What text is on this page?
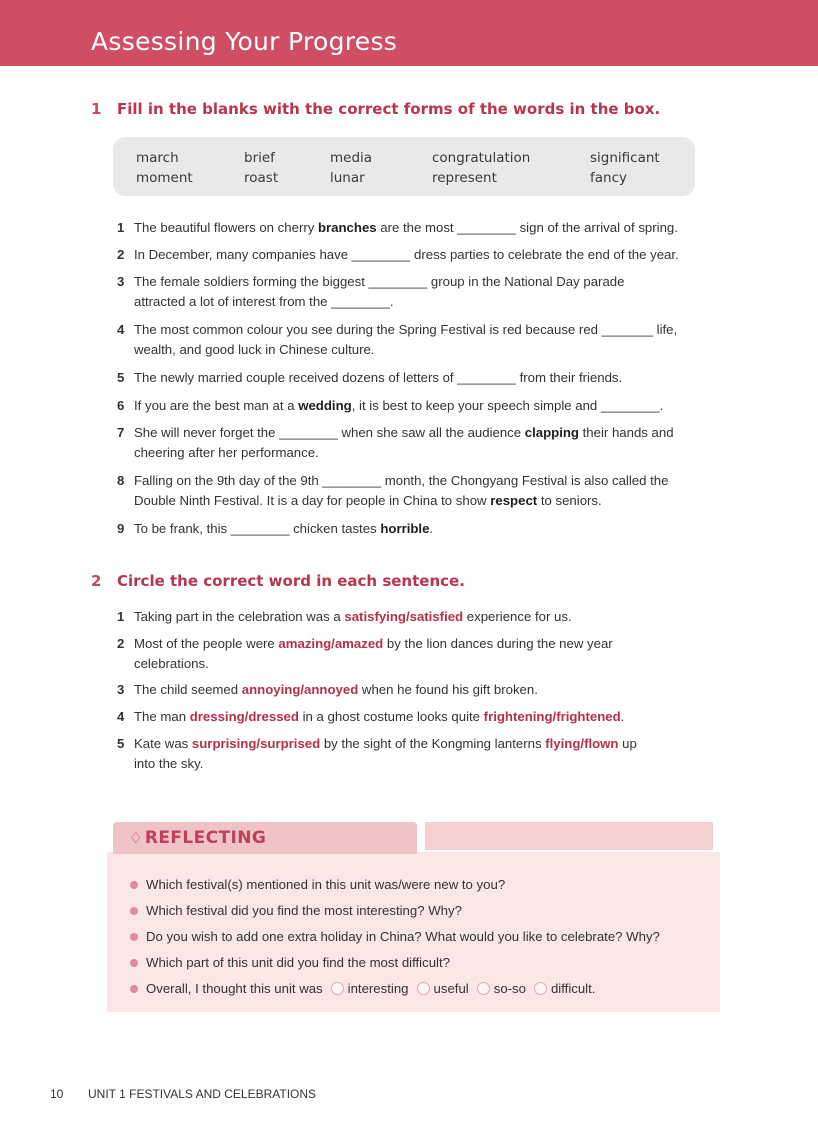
Assessing Your Progress
1	Fill in the blanks with the correct forms of the words in the box.
march	brief	media	congratulation	significant
moment	roast	lunar	represent	fancy
1 The beautiful flowers on cherry branches are the most ________ sign of the arrival of spring.
2 In December, many companies have ________ dress parties to celebrate the end of the year.
3 The female soldiers forming the biggest ________ group in the National Day parade
attracted a lot of interest from the ________.
4 The most common colour you see during the Spring Festival is red because red _______ life,
wealth, and good luck in Chinese culture.
5 The newly married couple received dozens of letters of ________ from their friends.
6 If you are the best man at a wedding, it is best to keep your speech simple and ________.
7 She will never forget the ________ when she saw all the audience clapping their hands and
cheering after her performance.
8 Falling on the 9th day of the 9th ________ month, the Chongyang Festival is also called the
Double Ninth Festival. It is a day for people in China to show respect to seniors.
9 To be frank, this ________ chicken tastes horrible.
2	Circle the correct word in each sentence.
1 Taking part in the celebration was a satisfying/satisfied experience for us.
2 Most of the people were amazing/amazed by the lion dances during the new year
celebrations.
3 The child seemed annoying/annoyed when he found his gift broken.
4 The man dressing/dressed in a ghost costume looks quite frightening/frightened.
5 Kate was surprising/surprised by the sight of the Kongming lanterns flying/flown up
into the sky.
♢ REFLECTING
Which festival(s) mentioned in this unit was/were new to you?
Which festival did you find the most interesting? Why?
Do you wish to add one extra holiday in China? What would you like to celebrate? Why?
Which part of this unit did you find the most difficult?
Overall, I thought this unit was interesting useful so-so difficult.
10	UNIT 1 FESTIVALS AND CELEBRATIONS
